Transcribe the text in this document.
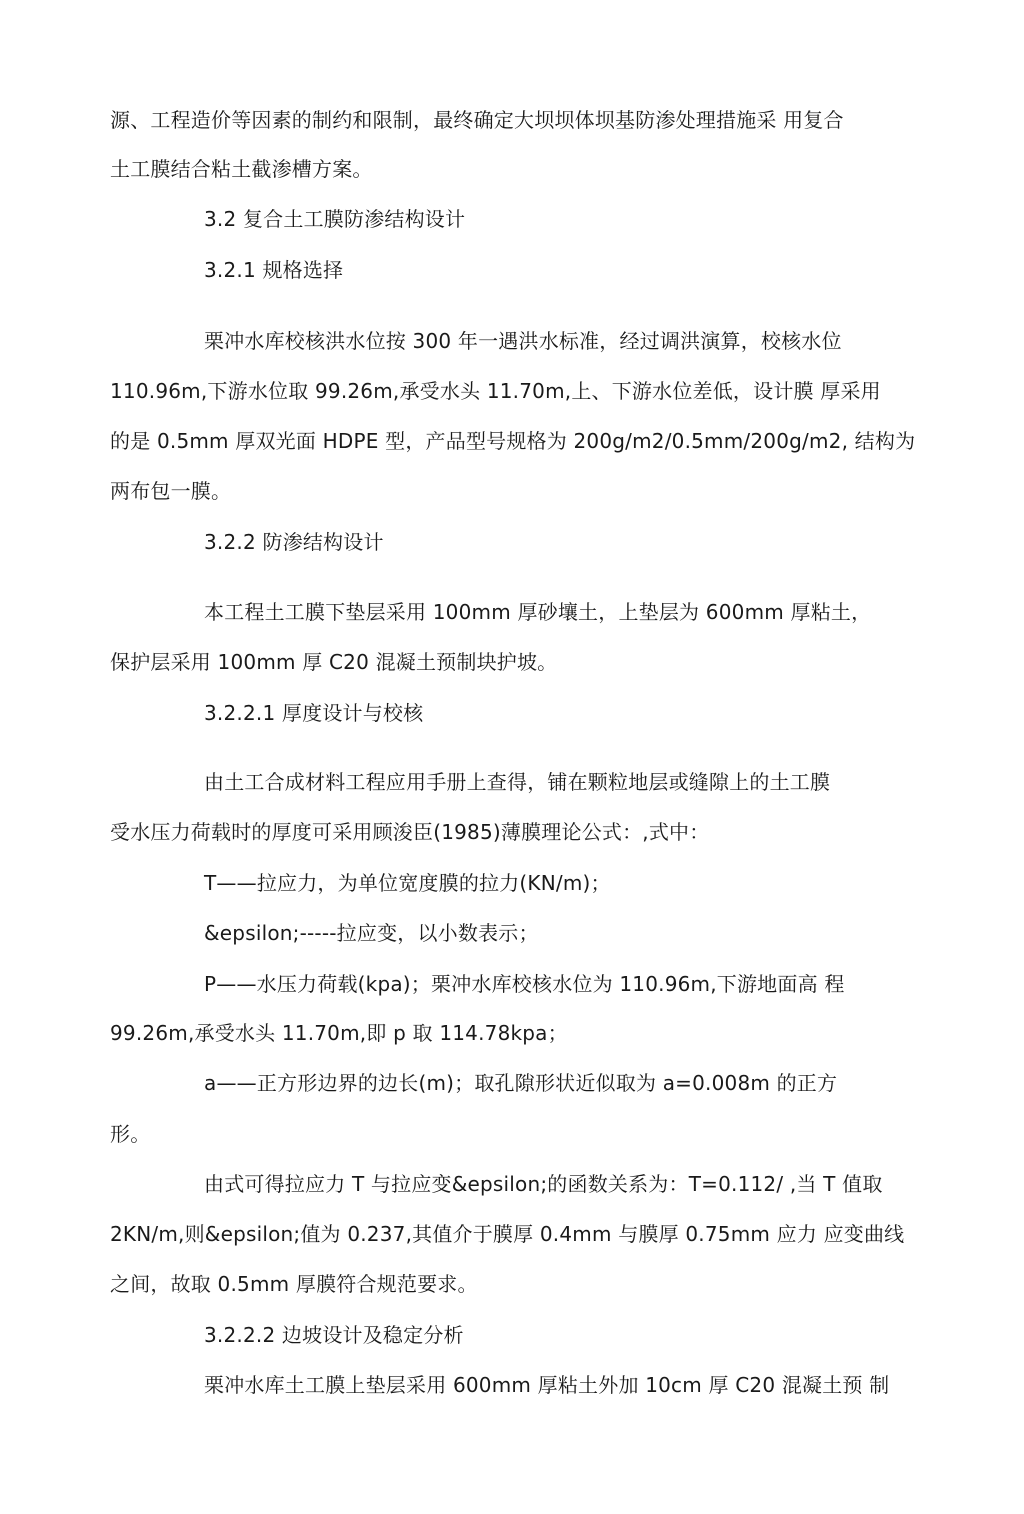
源、工程造价等因素的制约和限制，最终确定大坝坝体坝基防渗处理措施采 用复合
土工膜结合粘土截渗槽方案。
3.2 复合土工膜防渗结构设计
3.2.1 规格选择
栗冲水库校核洪水位按 300 年一遇洪水标准，经过调洪演算，校核水位
110.96m,下游水位取 99.26m,承受水头 11.70m,上、下游水位差低，设计膜 厚采用
的是 0.5mm 厚双光面 HDPE 型，产品型号规格为 200g/m2/0.5mm/200g/m2, 结构为
两布包一膜。
3.2.2 防渗结构设计
本工程土工膜下垫层采用 100mm 厚砂壤土，上垫层为 600mm 厚粘土，
保护层采用 100mm 厚 C20 混凝土预制块护坡。
3.2.2.1 厚度设计与校核
由土工合成材料工程应用手册上查得，铺在颗粒地层或缝隙上的土工膜
受水压力荷载时的厚度可采用顾浚臣(1985)薄膜理论公式：,式中：
T——拉应力，为单位宽度膜的拉力(KN/m)；
&epsilon;-----拉应变，以小数表示；
P——水压力荷载(kpa)；栗冲水库校核水位为 110.96m,下游地面高 程
99.26m,承受水头 11.70m,即 p 取 114.78kpa；
a——正方形边界的边长(m)；取孔隙形状近似取为 a=0.008m 的正方
形。
由式可得拉应力 T 与拉应变&epsilon;的函数关系为：T=0.112/ ,当 T 值取
2KN/m,则&epsilon;值为 0.237,其值介于膜厚 0.4mm 与膜厚 0.75mm 应力 应变曲线
之间，故取 0.5mm 厚膜符合规范要求。
3.2.2.2 边坡设计及稳定分析
栗冲水库土工膜上垫层采用 600mm 厚粘土外加 10cm 厚 C20 混凝土预 制
